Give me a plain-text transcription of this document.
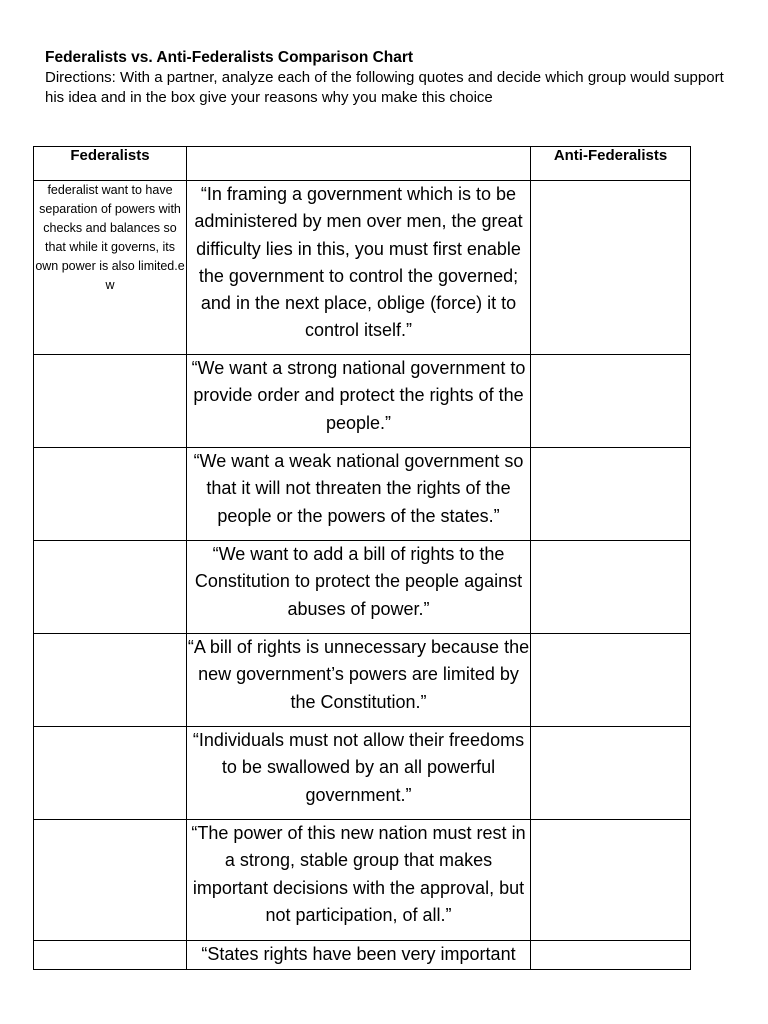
Federalists vs. Anti-Federalists Comparison Chart

Directions: With a partner, analyze each of the following quotes and decide which group would support his idea and in the box give your reasons why you make this choice

Federalists		Anti-Federalists
federalist want to have separation of powers with checks and balances so that while it governs, its own power is also limited.e w	“In framing a government which is to be administered by men over men, the great difficulty lies in this, you must first enable the government to control the governed; and in the next place, oblige (force) it to control itself.”	
	“We want a strong national government to provide order and protect the rights of the people.”	
	“We want a weak national government so that it will not threaten the rights of the people or the powers of the states.”	
	“We want to add a bill of rights to the Constitution to protect the people against abuses of power.”	
	“A bill of rights is unnecessary because the new government’s powers are limited by the Constitution.”	
	“Individuals must not allow their freedoms to be swallowed by an all powerful government.”	
	“The power of this new nation must rest in a strong, stable group that makes important decisions with the approval, but not participation, of all.”	
	“States rights have been very important	
